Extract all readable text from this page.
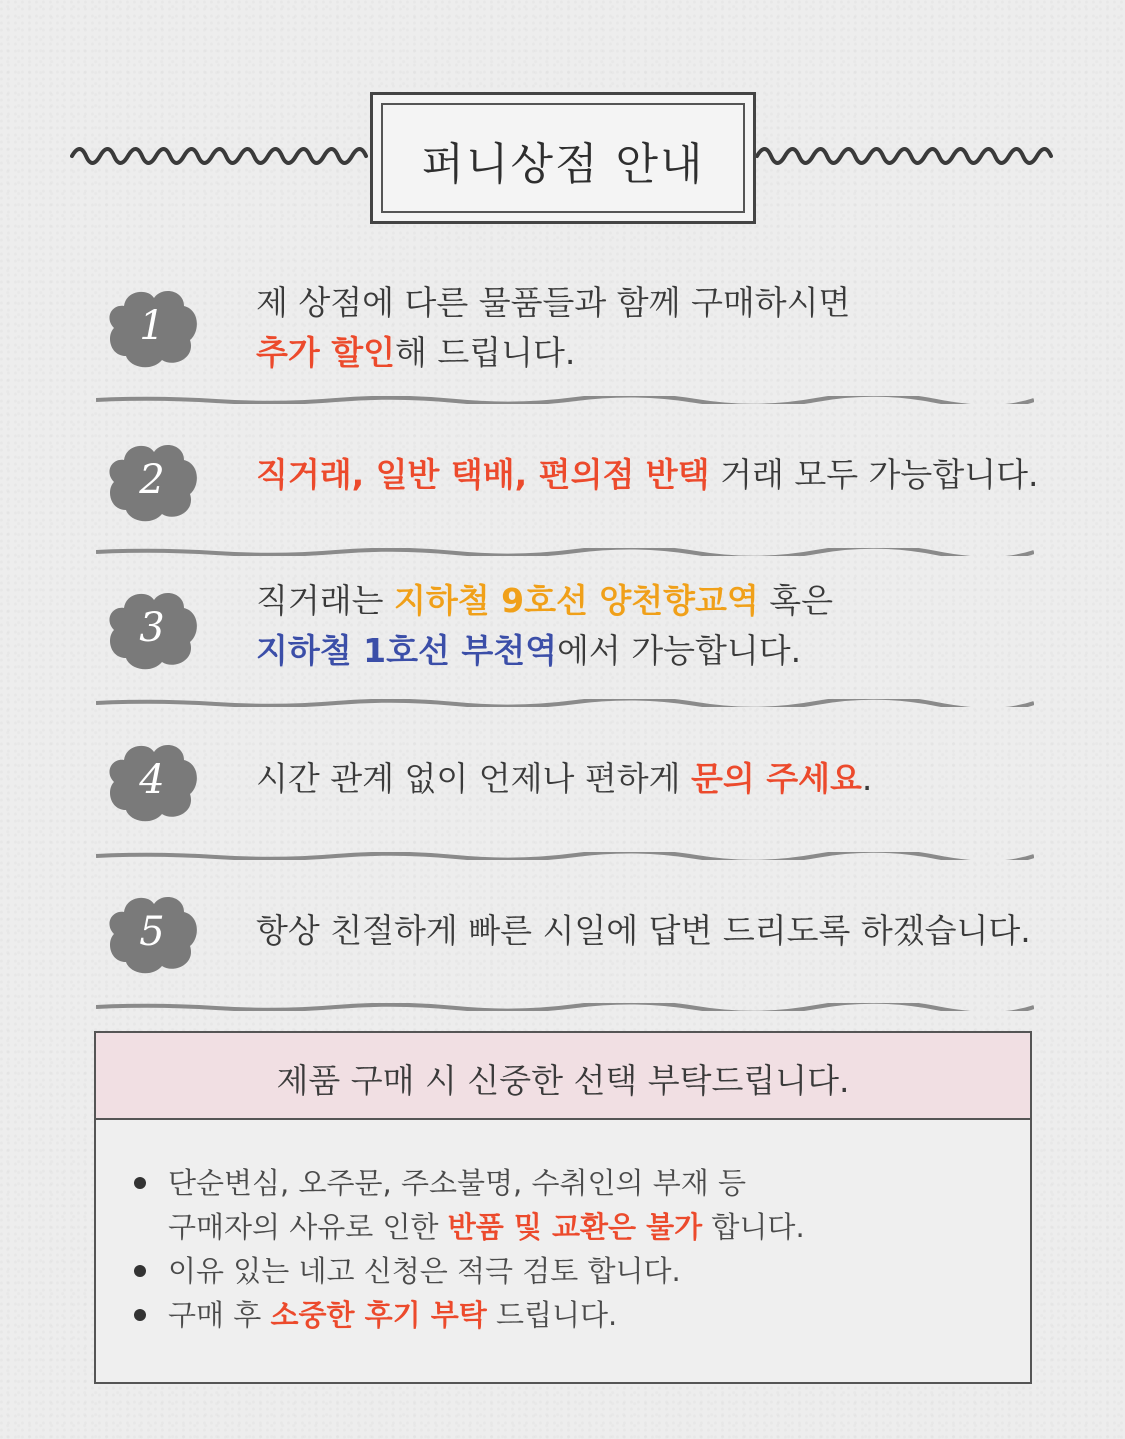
퍼니상점 안내
1
제 상점에 다른 물품들과 함께 구매하시면
추가 할인해 드립니다.
2	직거래, 일반 택배, 편의점 반택 거래 모두 가능합니다.
3
직거래는 지하철 9호선 양천향교역 혹은
지하철 1호선 부천역에서 가능합니다.
4	시간 관계 없이 언제나 편하게 문의 주세요.
5	항상 친절하게 빠른 시일에 답변 드리도록 하겠습니다.
제품 구매 시 신중한 선택 부탁드립니다.
단순변심, 오주문, 주소불명, 수취인의 부재 등
구매자의 사유로 인한 반품 및 교환은 불가 합니다.
이유 있는 네고 신청은 적극 검토 합니다.
구매 후 소중한 후기 부탁 드립니다.
